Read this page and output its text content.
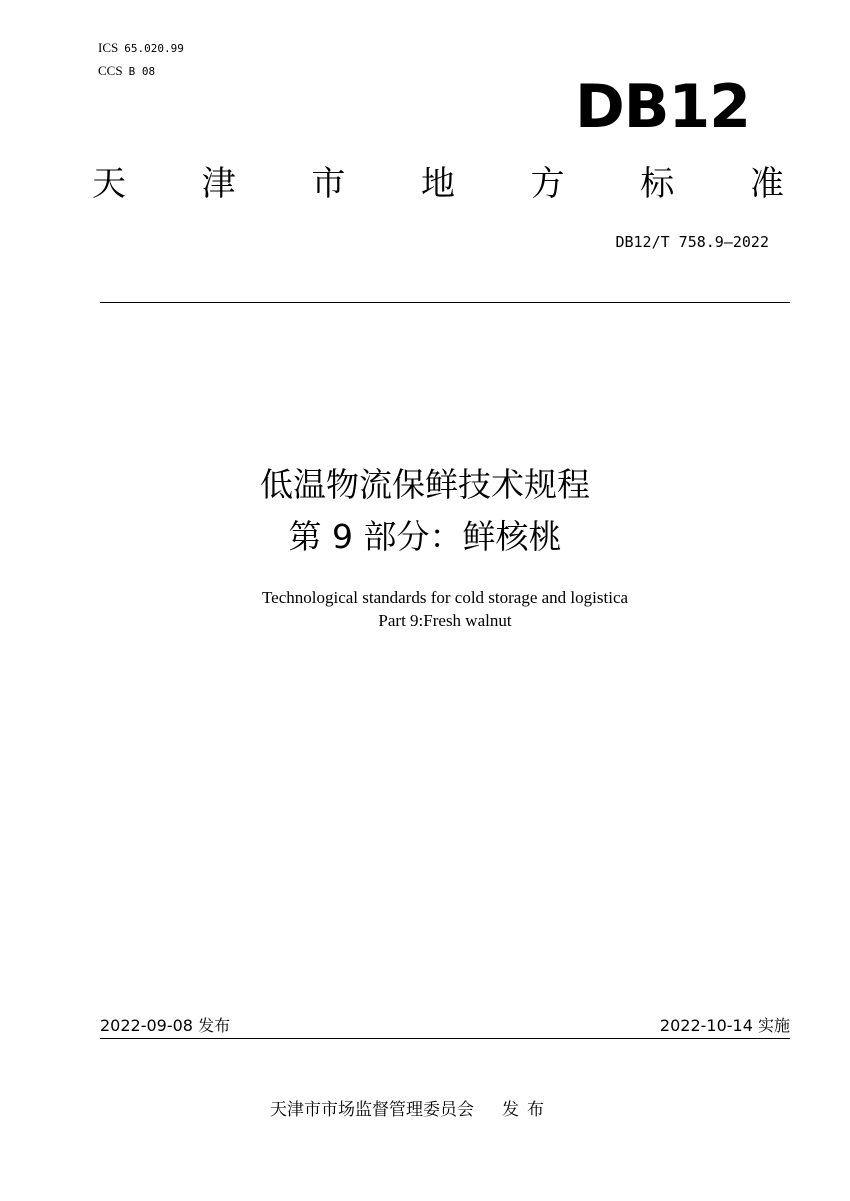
ICS 65.020.99
CCS B 08
DB12
天 津 市 地 方 标 准
DB12/T 758.9—2022
低温物流保鲜技术规程
第 9 部分：鲜核桃
Technological standards for cold storage and logistica
Part 9:Fresh walnut
2022-09-08 发布	2022-10-14 实施
天津市市场监督管理委员会 发布
